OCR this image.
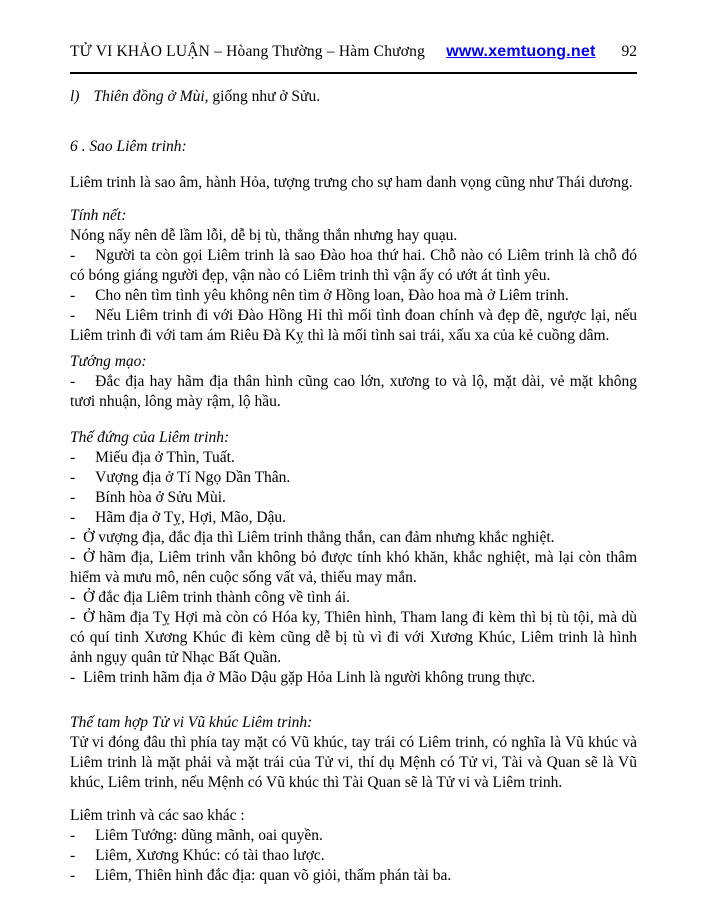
TỬ VI KHẢO LUẬN – Hòang Thường – Hàm Chương	www.xemtuong.net 92

l) Thiên đồng ở Mùi, giống như ở Sửu.

6 . Sao Liêm trinh:

Liêm trinh là sao âm, hành Hỏa, tượng trưng cho sự ham danh vọng cũng như Thái dương.

Tính nết:

Nóng nẩy nên dễ lầm lỗi, dễ bị tù, thẳng thắn nhưng hay quạu.

- Người ta còn gọi Liêm trinh là sao Đào hoa thứ hai. Chỗ nào có Liêm trinh là chỗ đó có bóng giáng người đẹp, vận nào có Liêm trinh thì vận ấy có ướt át tình yêu.

- Cho nên tìm tình yêu không nên tìm ở Hồng loan, Đào hoa mà ở Liêm trinh.

- Nếu Liêm trinh đi với Đào Hồng Hỉ thì mối tình đoan chính và đẹp đẽ, ngược lại, nếu Liêm trinh đi với tam ám Riêu Đà Kỵ thì là mối tình sai trái, xấu xa của kẻ cuồng dâm.

Tướng mạo:

- Đắc địa hay hãm địa thân hình cũng cao lớn, xương to và lộ, mặt dài, vẻ mặt không tươi nhuận, lông mày rậm, lộ hầu.

Thế đứng của Liêm trinh:

- Miếu địa ở Thìn, Tuất.

- Vượng địa ở Tí Ngọ Dần Thân.

- Bính hòa ở Sửu Mùi.

- Hãm địa ở Tỵ, Hợi, Mão, Dậu.

- Ở vượng địa, đắc địa thì Liêm trinh thẳng thắn, can đảm nhưng khắc nghiệt.

- Ở hãm địa, Liêm trinh vẫn không bỏ được tính khó khăn, khắc nghiệt, mà lại còn thâm hiểm và mưu mô, nên cuộc sống vất vả, thiếu may mắn.

- Ở đắc địa Liêm trinh thành công về tình ái.

- Ở hãm địa Tỵ Hợi mà còn có Hóa ky, Thiên hình, Tham lang đi kèm thì bị tù tội, mà dù có quí tinh Xương Khúc đi kèm cũng dễ bị tù vì đi với Xương Khúc, Liêm trinh là hình ảnh ngụy quân tử Nhạc Bất Quần.

- Liêm trinh hãm địa ở Mão Dậu gặp Hỏa Linh là người không trung thực.

Thế tam hợp Tử vi Vũ khúc Liêm trinh:

Tử vi đóng đâu thì phía tay mặt có Vũ khúc, tay trái có Liêm trinh, có nghĩa là Vũ khúc và Liêm trinh là mặt phải và mặt trái của Tử vi, thí dụ Mệnh có Tử vi, Tài và Quan sẽ là Vũ khúc, Liêm trinh, nếu Mệnh có Vũ khúc thì Tài Quan sẽ là Tử vi và Liêm trinh.

Liêm trinh và các sao khác :

- Liêm Tướng: dũng mãnh, oai quyền.

- Liêm, Xương Khúc: có tài thao lược.

- Liêm, Thiên hình đắc địa: quan võ giỏi, thẩm phán tài ba.
